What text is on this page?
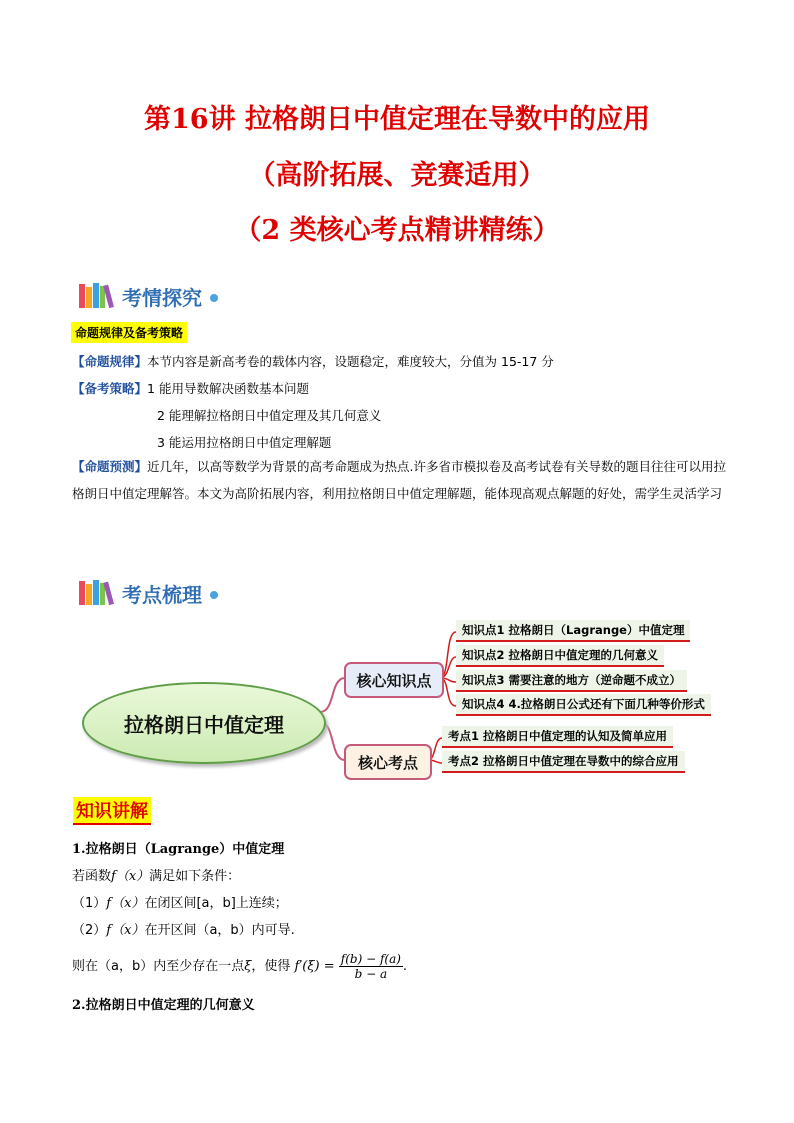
第16讲 拉格朗日中值定理在导数中的应用
（高阶拓展、竞赛适用）
（2 类核心考点精讲精练）
考情探究
命题规律及备考策略
【命题规律】本节内容是新高考卷的载体内容，设题稳定，难度较大，分值为 15-17 分
【备考策略】1 能用导数解决函数基本问题
2 能理解拉格朗日中值定理及其几何意义
3 能运用拉格朗日中值定理解题
【命题预测】近几年，以高等数学为背景的高考命题成为热点.许多省市模拟卷及高考试卷有关导数的题目往往可以用拉格朗日中值定理解答。本文为高阶拓展内容，利用拉格朗日中值定理解题，能体现高观点解题的好处，需学生灵活学习
考点梳理
拉格朗日中值定理
核心知识点
核心考点
知识点1 拉格朗日（Lagrange）中值定理
知识点2 拉格朗日中值定理的几何意义
知识点3 需要注意的地方（逆命题不成立）
知识点4 4.拉格朗日公式还有下面几种等价形式
考点1 拉格朗日中值定理的认知及简单应用
考点2 拉格朗日中值定理在导数中的综合应用
知识讲解
1.拉格朗日（Lagrange）中值定理
若函数f（x）满足如下条件：
（1）f（x）在闭区间[a，b]上连续；
（2）f（x）在开区间（a，b）内可导.
则在（a，b）内至少存在一点ξ，使得 $f'(\xi) = \frac{f(b) - f(a)}{b - a}$ .
2.拉格朗日中值定理的几何意义
